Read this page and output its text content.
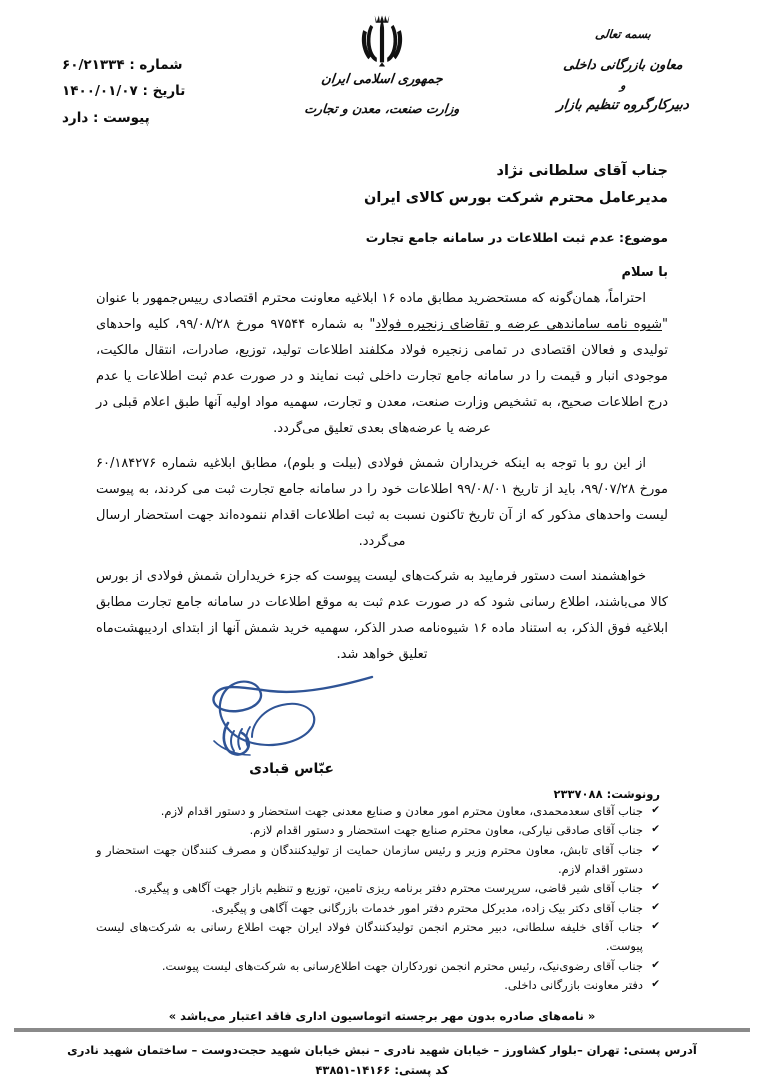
بسمه تعالی
معاون بازرگانی داخلی
و
دبیرکارگروه تنظیم بازار
جمهوری اسلامی ایران
وزارت صنعت، معدن و تجارت
شماره : ۶۰/۲۱۳۳۴
تاریخ : ۱۴۰۰/۰۱/۰۷
پیوست : دارد
جناب آقای سلطانی نژاد
مدیرعامل محترم شرکت بورس کالای ایران
موضوع: عدم ثبت اطلاعات در سامانه جامع تجارت
با سلام

احتراماً، همان‌گونه که مستحضرید مطابق ماده ۱۶ ابلاغیه معاونت محترم اقتصادی ریيس‌جمهور با عنوان "شیوه نامه ساماندهی عرضه و تقاضای زنجیره فولاد" به شماره ۹۷۵۴۴ مورخ ۹۹/۰۸/۲۸، کلیه واحدهای تولیدی و فعالان اقتصادی در تمامی زنجیره فولاد مکلفند اطلاعات تولید، توزیع، صادرات، انتقال مالکیت، موجودی انبار و قیمت را در سامانه جامع تجارت داخلی ثبت نمایند و در صورت عدم ثبت اطلاعات یا عدم درج اطلاعات صحیح، به تشخیص وزارت صنعت، معدن و تجارت، سهمیه مواد اولیه آنها طبق اعلام قبلی در عرضه یا عرضه‌های بعدی تعلیق می‌گردد.

از این رو با توجه به اینکه خریداران شمش فولادی (بیلت و بلوم)، مطابق ابلاغیه شماره ۶۰/۱۸۴۲۷۶ مورخ ۹۹/۰۷/۲۸، باید از تاریخ ۹۹/۰۸/۰۱ اطلاعات خود را در سامانه جامع تجارت ثبت می کردند، به پیوست لیست واحدهای مذکور که از آن تاریخ تاکنون نسبت به ثبت اطلاعات اقدام ننموده‌اند جهت استحضار ارسال می‌گردد.

خواهشمند است دستور فرمایید به شرکت‌های لیست پیوست که جزء خریداران شمش فولادی از بورس کالا می‌باشند، اطلاع رسانی شود که در صورت عدم ثبت به موقع اطلاعات در سامانه جامع تجارت مطابق ابلاغیه فوق الذکر، به استناد ماده ۱۶ شیوه‌نامه صدر الذکر، سهمیه خرید شمش آنها از ابتدای اردیبهشت‌ماه تعلیق خواهد شد.

عبّاس قبادی
رونوشت: ۲۳۳۷۰۸۸
✔ جناب آقای سعدمحمدی، معاون محترم امور معادن و صنایع معدنی جهت استحضار و دستور اقدام لازم.
✔ جناب آقای صادقی نیارکی، معاون محترم صنایع جهت استحضار و دستور اقدام لازم.
✔ جناب آقای تابش، معاون محترم وزیر و رئیس سازمان حمایت از تولیدکنندگان و مصرف کنندگان جهت استحضار و دستور اقدام لازم.
✔ جناب آقای شیر قاضی، سرپرست محترم دفتر برنامه ریزی تامین، توزیع و تنظیم بازار جهت آگاهی و پیگیری.
✔ جناب آقای دکتر بیک زاده، مدیرکل محترم دفتر امور خدمات بازرگانی جهت آگاهی و پیگیری.
✔ جناب آقای خلیفه سلطانی، دبیر محترم انجمن تولیدکنندگان فولاد ایران جهت اطلاع رسانی به شرکت‌های لیست پیوست.
✔ جناب آقای رضوی‌نیک، رئیس محترم انجمن نوردکاران جهت اطلاع‌رسانی به شرکت‌های لیست پیوست.
✔ دفتر معاونت بازرگانی داخلی.
« نامه‌های صادره بدون مهر برجسته اتوماسیون اداری فاقد اعتبار می‌باشد »
آدرس پستی: تهران –بلوار کشاورز – خیابان شهید نادری – نبش خیابان شهید حجت‌دوست – ساختمان شهید نادری
کد پستی: ۱۴۱۶۶-۴۳۸۵۱
